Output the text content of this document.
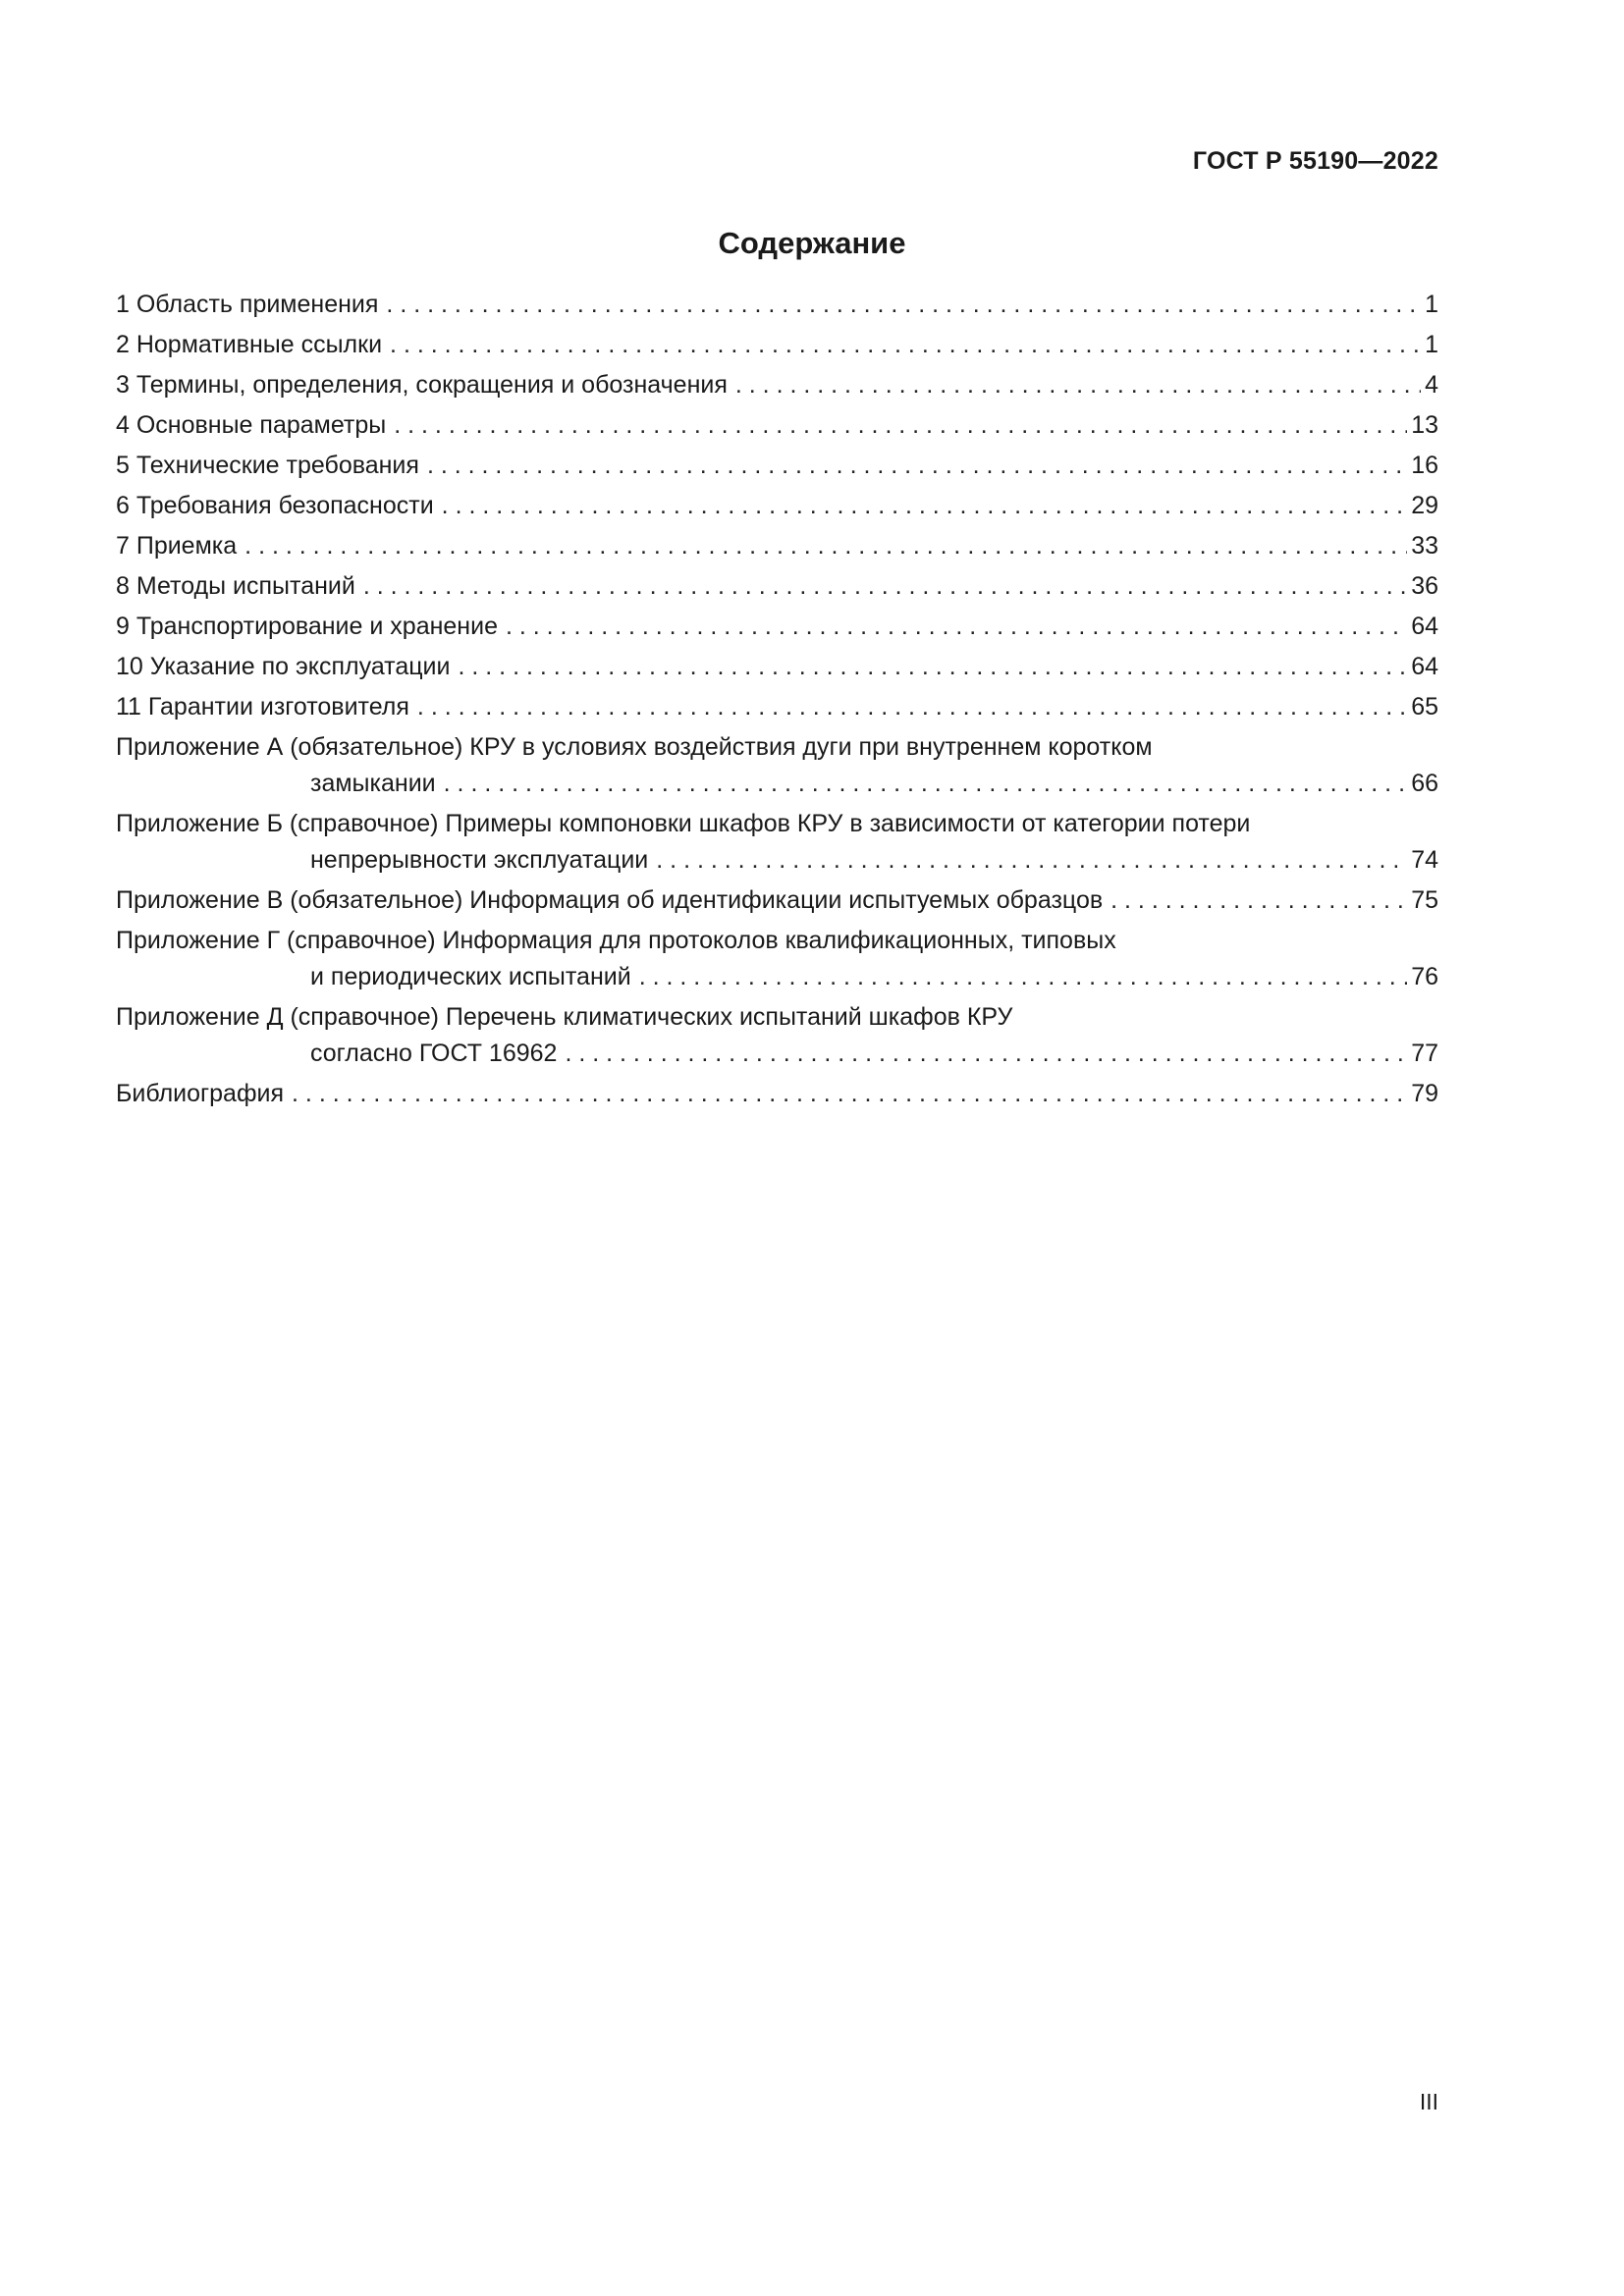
ГОСТ Р 55190—2022
Содержание
1 Область применения . . .	1
2 Нормативные ссылки . . .	1
3 Термины, определения, сокращения и обозначения . . .	4
4 Основные параметры . . .	13
5 Технические требования . . .	16
6 Требования безопасности . . .	29
7 Приемка . . .	33
8 Методы испытаний . . .	36
9 Транспортирование и хранение . . .	64
10 Указание по эксплуатации . . .	64
11 Гарантии изготовителя . . .	65
Приложение А (обязательное) КРУ в условиях воздействия дуги при внутреннем коротком
замыкании . . .	66
Приложение Б (справочное) Примеры компоновки шкафов КРУ в зависимости от категории потери
непрерывности эксплуатации . . .	74
Приложение В (обязательное) Информация об идентификации испытуемых образцов . . .	75
Приложение Г (справочное) Информация для протоколов квалификационных, типовых
и периодических испытаний . . .	76
Приложение Д (справочное) Перечень климатических испытаний шкафов КРУ
согласно ГОСТ 16962 . . .	77
Библиография . . .	79
III
